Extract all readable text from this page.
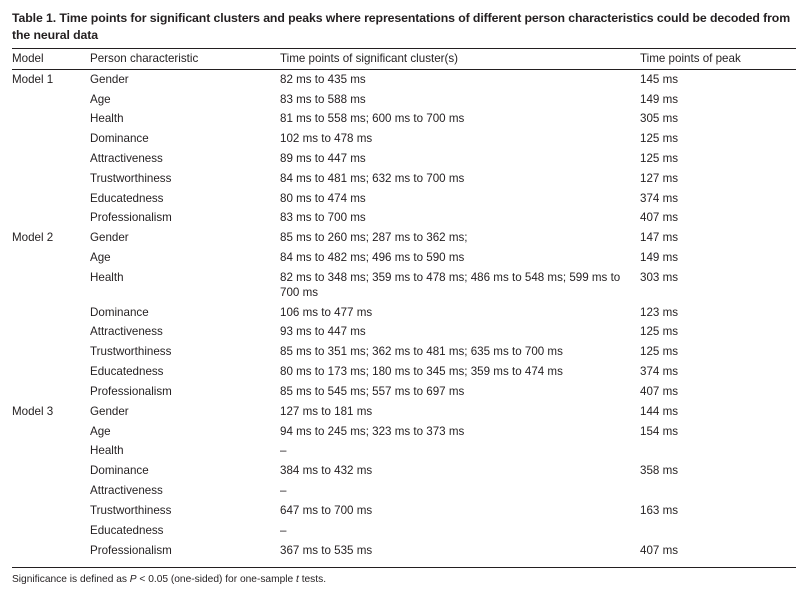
Table 1. Time points for significant clusters and peaks where representations of different person characteristics could be decoded from the neural data
Model	Person characteristic	Time points of significant cluster(s)	Time points of peak
Model 1	Gender	82 ms to 435 ms	145 ms
	Age	83 ms to 588 ms	149 ms
	Health	81 ms to 558 ms; 600 ms to 700 ms	305 ms
	Dominance	102 ms to 478 ms	125 ms
	Attractiveness	89 ms to 447 ms	125 ms
	Trustworthiness	84 ms to 481 ms; 632 ms to 700 ms	127 ms
	Educatedness	80 ms to 474 ms	374 ms
	Professionalism	83 ms to 700 ms	407 ms
Model 2	Gender	85 ms to 260 ms; 287 ms to 362 ms;	147 ms
	Age	84 ms to 482 ms; 496 ms to 590 ms	149 ms
	Health	82 ms to 348 ms; 359 ms to 478 ms; 486 ms to 548 ms; 599 ms to 700 ms	303 ms
	Dominance	106 ms to 477 ms	123 ms
	Attractiveness	93 ms to 447 ms	125 ms
	Trustworthiness	85 ms to 351 ms; 362 ms to 481 ms; 635 ms to 700 ms	125 ms
	Educatedness	80 ms to 173 ms; 180 ms to 345 ms; 359 ms to 474 ms	374 ms
	Professionalism	85 ms to 545 ms; 557 ms to 697 ms	407 ms
Model 3	Gender	127 ms to 181 ms	144 ms
	Age	94 ms to 245 ms; 323 ms to 373 ms	154 ms
	Health	–	
	Dominance	384 ms to 432 ms	358 ms
	Attractiveness	–	
	Trustworthiness	647 ms to 700 ms	163 ms
	Educatedness	–	
	Professionalism	367 ms to 535 ms	407 ms
Significance is defined as P < 0.05 (one-sided) for one-sample t tests.
